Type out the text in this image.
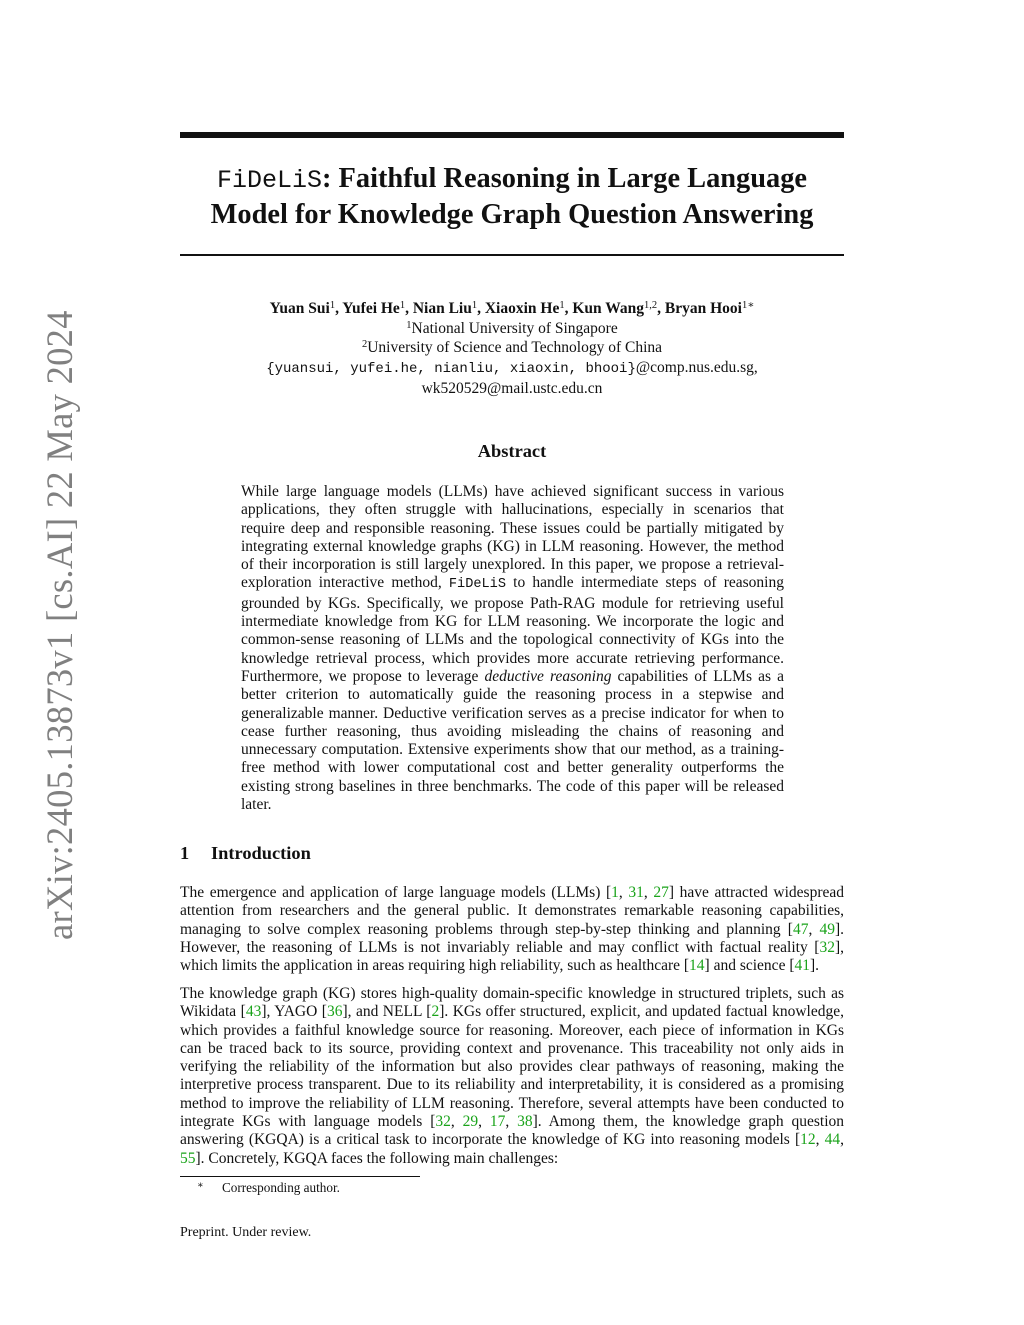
arXiv:2405.13873v1 [cs.AI] 22 May 2024
FiDeLiS: Faithful Reasoning in Large Language
Model for Knowledge Graph Question Answering
Yuan Sui$^1$, Yufei He$^1$, Nian Liu$^1$, Xiaoxin He$^1$, Kun Wang$^{1,2}$, Bryan Hooi$^{1∗}$
$^1$National University of Singapore
$^2$University of Science and Technology of China
{yuansui, yufei.he, nianliu, xiaoxin, bhooi}@comp.nus.edu.sg,
wk520529@mail.ustc.edu.cn
Abstract

While large language models (LLMs) have achieved significant success in various applications, they often struggle with hallucinations, especially in scenarios that require deep and responsible reasoning. These issues could be partially mitigated by integrating external knowledge graphs (KG) in LLM reasoning. However, the method of their incorporation is still largely unexplored. In this paper, we propose a retrieval-exploration interactive method, FiDeLiS to handle intermediate steps of reasoning grounded by KGs. Specifically, we propose Path-RAG module for retrieving useful intermediate knowledge from KG for LLM reasoning. We incorporate the logic and common-sense reasoning of LLMs and the topological connectivity of KGs into the knowledge retrieval process, which provides more accurate retrieving performance. Furthermore, we propose to leverage deductive reasoning capabilities of LLMs as a better criterion to automatically guide the reasoning process in a stepwise and generalizable manner. Deductive verification serves as a precise indicator for when to cease further reasoning, thus avoiding misleading the chains of reasoning and unnecessary computation. Extensive experiments show that our method, as a training-free method with lower computational cost and better generality outperforms the existing strong baselines in three benchmarks. The code of this paper will be released later.

1 Introduction

The emergence and application of large language models (LLMs) [1, 31, 27] have attracted widespread attention from researchers and the general public. It demonstrates remarkable reasoning capabilities, managing to solve complex reasoning problems through step-by-step thinking and planning [47, 49]. However, the reasoning of LLMs is not invariably reliable and may conflict with factual reality [32], which limits the application in areas requiring high reliability, such as healthcare [14] and science [41].

The knowledge graph (KG) stores high-quality domain-specific knowledge in structured triplets, such as Wikidata [43], YAGO [36], and NELL [2]. KGs offer structured, explicit, and updated factual knowledge, which provides a faithful knowledge source for reasoning. Moreover, each piece of information in KGs can be traced back to its source, providing context and provenance. This traceability not only aids in verifying the reliability of the information but also provides clear pathways of reasoning, making the interpretive process transparent. Due to its reliability and interpretability, it is considered as a promising method to improve the reliability of LLM reasoning. Therefore, several attempts have been conducted to integrate KGs with language models [32, 29, 17, 38]. Among them, the knowledge graph question answering (KGQA) is a critical task to incorporate the knowledge of KG into reasoning models [12, 44, 55]. Concretely, KGQA faces the following main challenges:

∗ Corresponding author.

Preprint. Under review.
